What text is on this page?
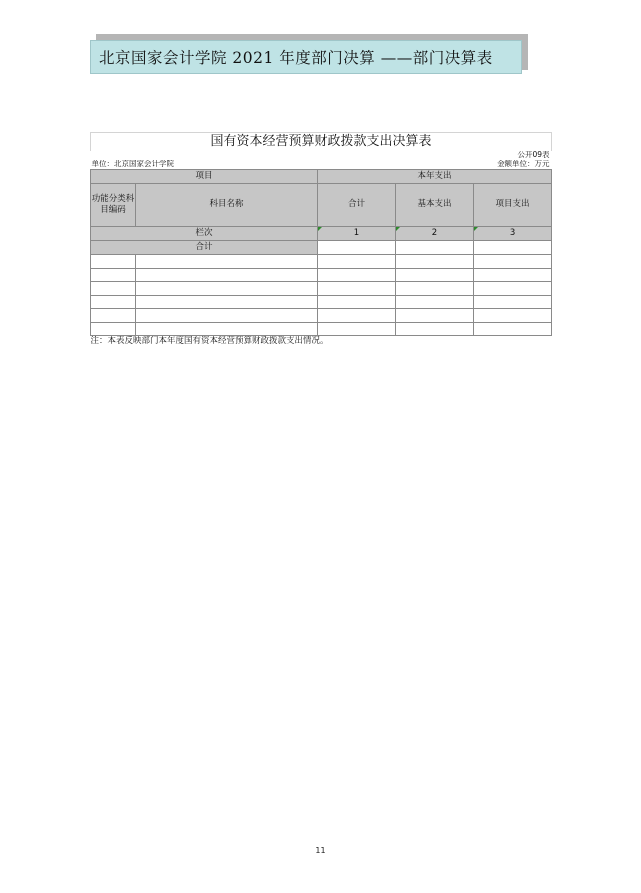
北京国家会计学院 2021 年度部门决算 ——部门决算表
国有资本经营预算财政拨款支出决算表				
				公开09表
单位：北京国家会计学院				金额单位：万元
项目		本年支出		

功能分类科目编码	科目名称	合计	基本支出	项目支出
栏次		1	2	3
合计				

注：本表反映部门本年度国有资本经营预算财政拨款支出情况。				
11
